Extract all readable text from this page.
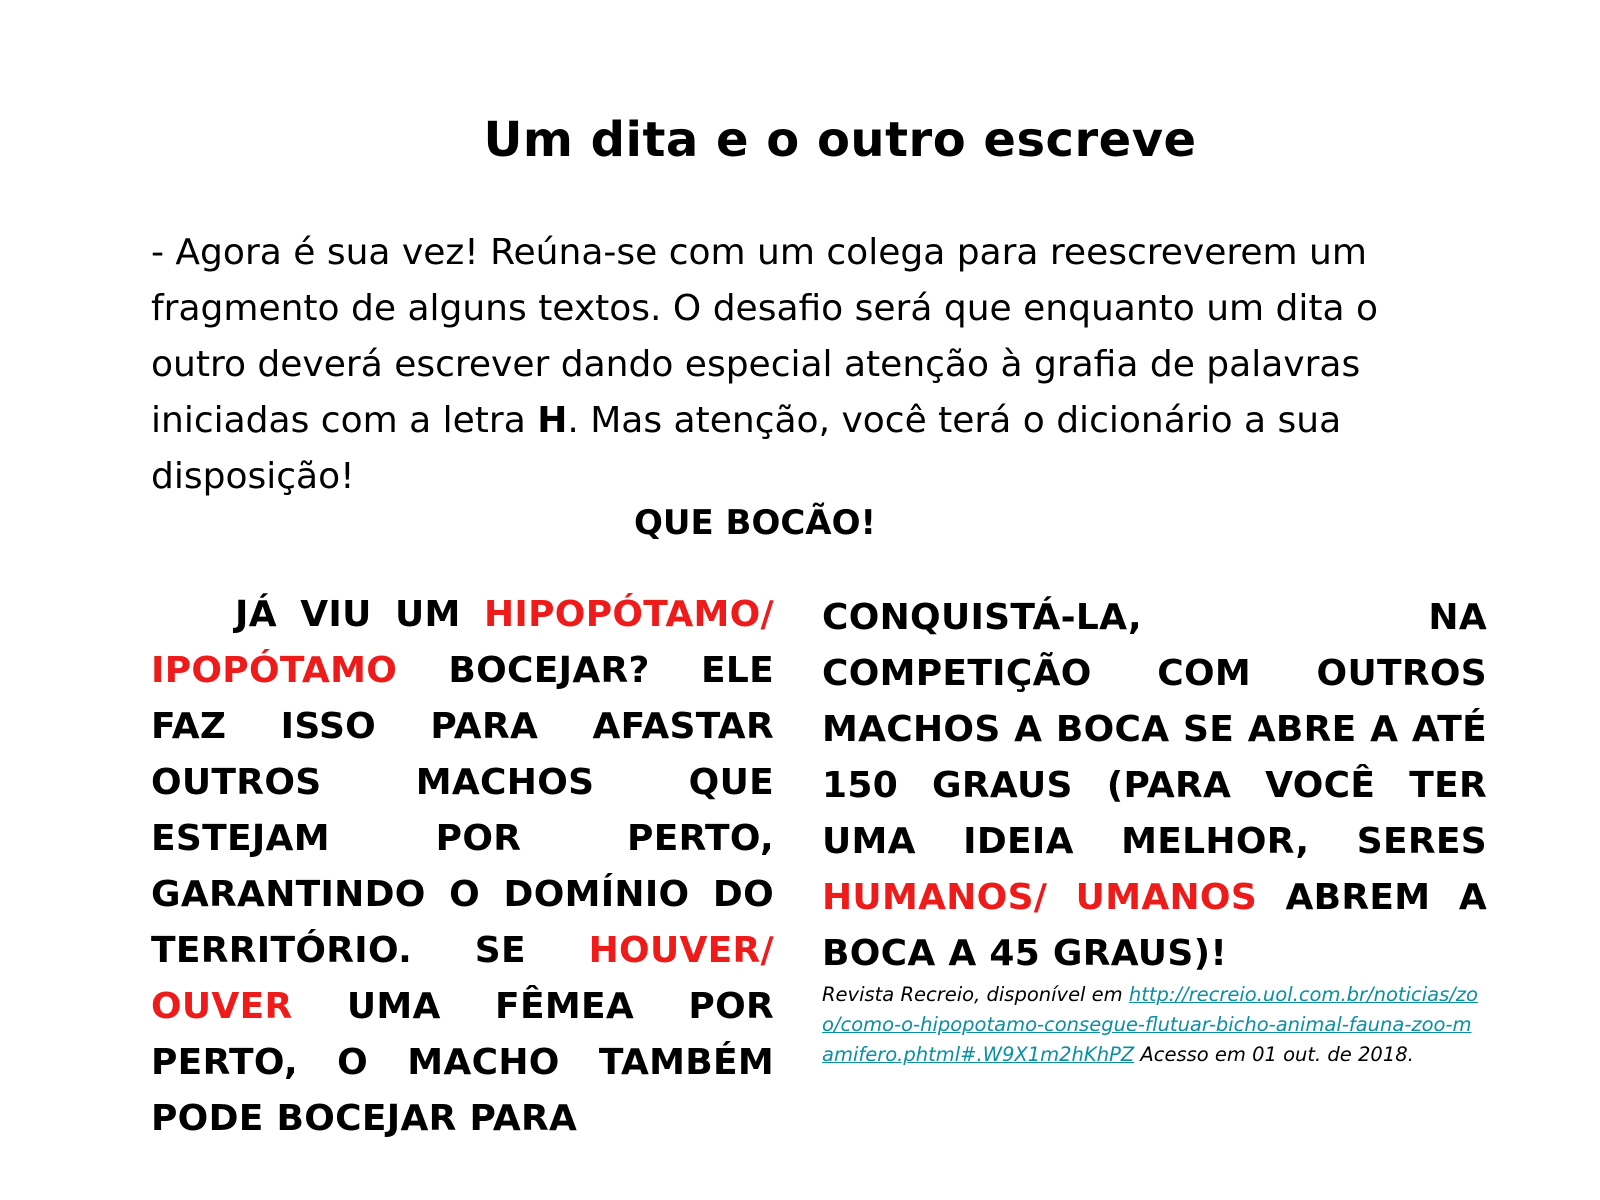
Um dita e o outro escreve
- Agora é sua vez! Reúna-se com um colega para reescreverem um fragmento de alguns textos. O desafio será que enquanto um dita o outro deverá escrever dando especial atenção à grafia de palavras iniciadas com a letra H. Mas atenção, você terá o dicionário a sua disposição!
QUE BOCÃO!
JÁ VIU UM HIPOPÓTAMO/ IPOPÓTAMO BOCEJAR? ELE FAZ ISSO PARA AFASTAR OUTROS MACHOS QUE ESTEJAM POR PERTO, GARANTINDO O DOMÍNIO DO TERRITÓRIO. SE HOUVER/ OUVER UMA FÊMEA POR PERTO, O MACHO TAMBÉM PODE BOCEJAR PARA
CONQUISTÁ-LA, NA COMPETIÇÃO COM OUTROS MACHOS A BOCA SE ABRE A ATÉ 150 GRAUS (PARA VOCÊ TER UMA IDEIA MELHOR, SERES HUMANOS/ UMANOS ABREM A BOCA A 45 GRAUS)!
Revista Recreio, disponível em http://recreio.uol.com.br/noticias/zoo/como-o-hipopotamo-consegue-flutuar-bicho-animal-fauna-zoo-mamifero.phtml#.W9X1m2hKhPZ Acesso em 01 out. de 2018.
